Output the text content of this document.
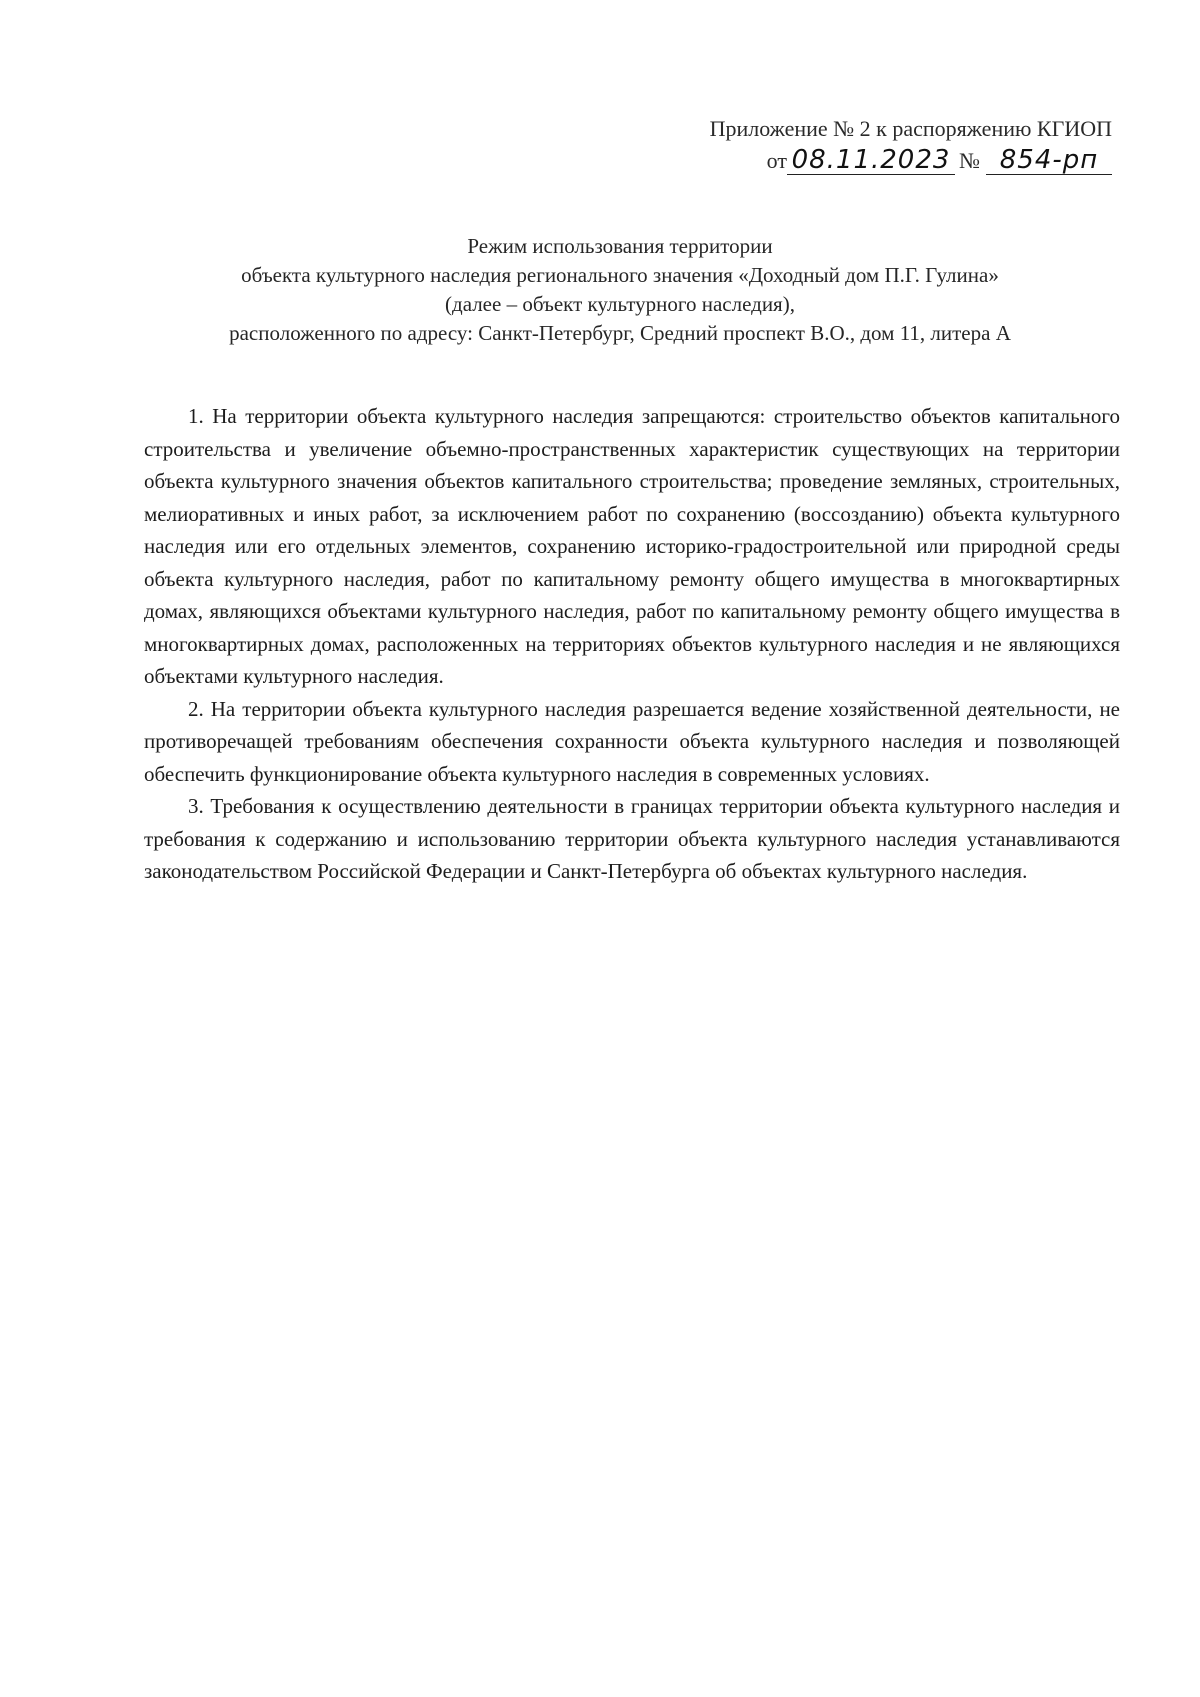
Приложение № 2 к распоряжению КГИОП
от 08.11.2023 № 854-рп
Режим использования территории
объекта культурного наследия регионального значения «Доходный дом П.Г. Гулина»
(далее – объект культурного наследия),
расположенного по адресу: Санкт-Петербург, Средний проспект В.О., дом 11, литера А

1. На территории объекта культурного наследия запрещаются: строительство объектов капитального строительства и увеличение объемно-пространственных характеристик существующих на территории объекта культурного значения объектов капитального строительства; проведение земляных, строительных, мелиоративных и иных работ, за исключением работ по сохранению (воссозданию) объекта культурного наследия или его отдельных элементов, сохранению историко-градостроительной или природной среды объекта культурного наследия, работ по капитальному ремонту общего имущества в многоквартирных домах, являющихся объектами культурного наследия, работ по капитальному ремонту общего имущества в многоквартирных домах, расположенных на территориях объектов культурного наследия и не являющихся объектами культурного наследия.

2. На территории объекта культурного наследия разрешается ведение хозяйственной деятельности, не противоречащей требованиям обеспечения сохранности объекта культурного наследия и позволяющей обеспечить функционирование объекта культурного наследия в современных условиях.

3. Требования к осуществлению деятельности в границах территории объекта культурного наследия и требования к содержанию и использованию территории объекта культурного наследия устанавливаются законодательством Российской Федерации и Санкт-Петербурга об объектах культурного наследия.
